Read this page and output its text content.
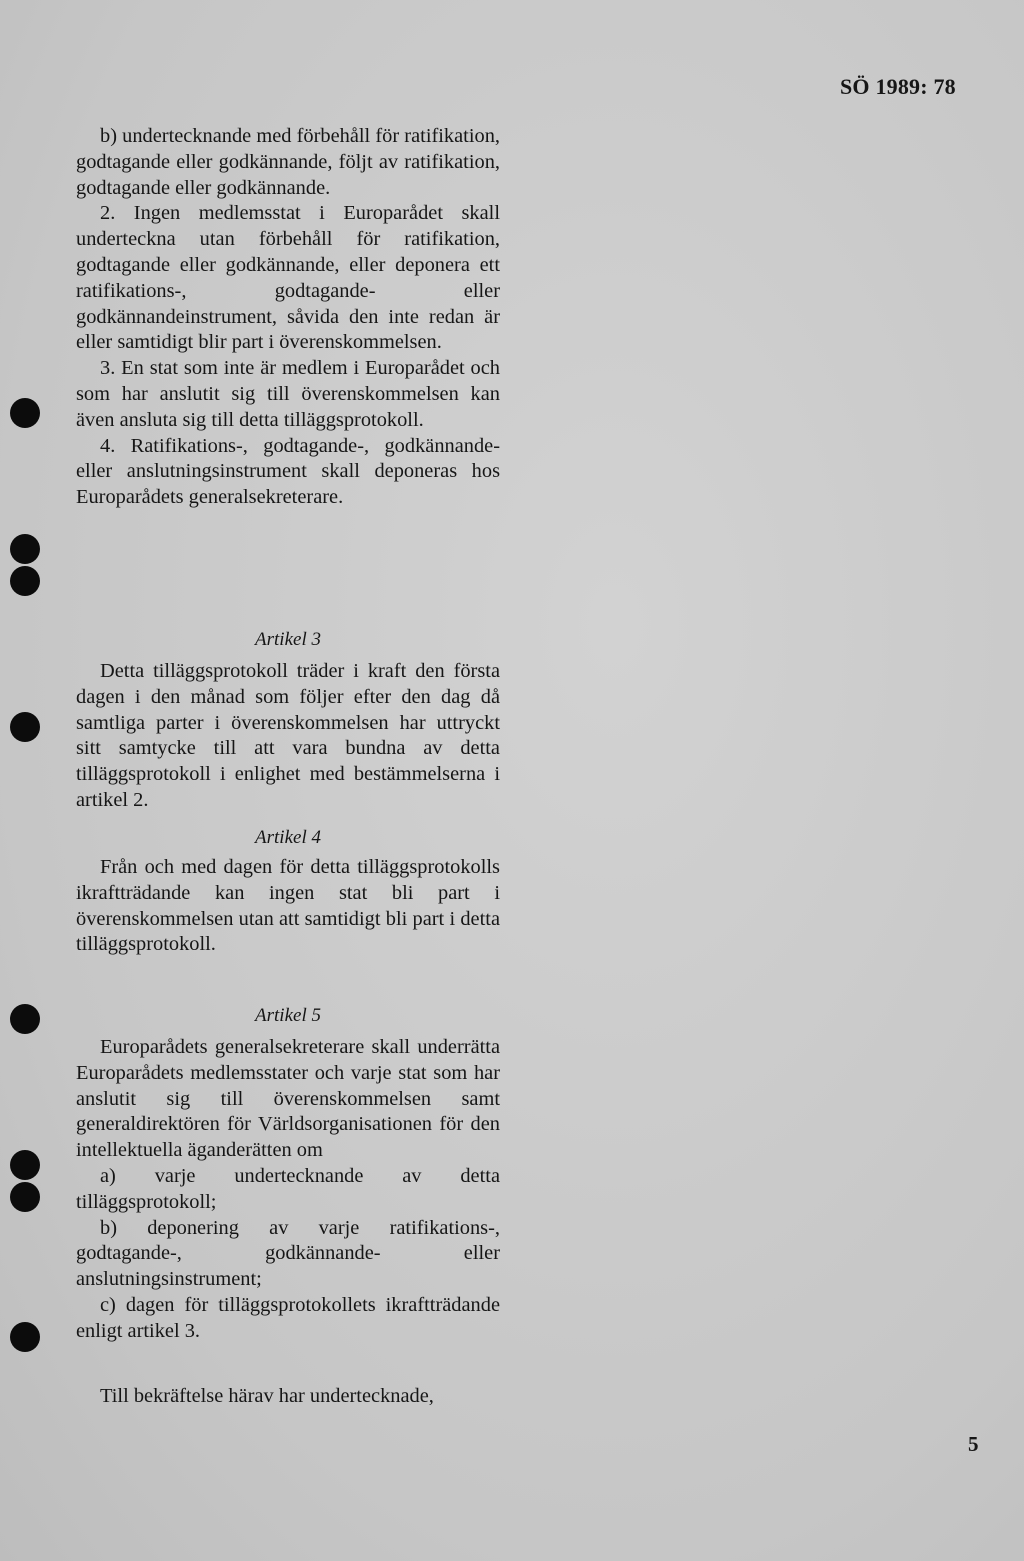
SÖ 1989: 78

b) undertecknande med förbehåll för ratifikation, godtagande eller godkännande, följt av ratifikation, godtagande eller godkännande.

2. Ingen medlemsstat i Europarådet skall underteckna utan förbehåll för ratifikation, godtagande eller godkännande, eller deponera ett ratifikations-, godtagande- eller godkännandeinstrument, såvida den inte redan är eller samtidigt blir part i överenskommelsen.

3. En stat som inte är medlem i Europarådet och som har anslutit sig till överenskommelsen kan även ansluta sig till detta tilläggsprotokoll.

4. Ratifikations-, godtagande-, godkännande- eller anslutningsinstrument skall deponeras hos Europarådets generalsekreterare.

Artikel 3

Detta tilläggsprotokoll träder i kraft den första dagen i den månad som följer efter den dag då samtliga parter i överenskommelsen har uttryckt sitt samtycke till att vara bundna av detta tilläggsprotokoll i enlighet med bestämmelserna i artikel 2.

Artikel 4

Från och med dagen för detta tilläggsprotokolls ikraftträdande kan ingen stat bli part i överenskommelsen utan att samtidigt bli part i detta tilläggsprotokoll.

Artikel 5

Europarådets generalsekreterare skall underrätta Europarådets medlemsstater och varje stat som har anslutit sig till överenskommelsen samt generaldirektören för Världsorganisationen för den intellektuella äganderätten om

a) varje undertecknande av detta tilläggsprotokoll;

b) deponering av varje ratifikations-, godtagande-, godkännande- eller anslutningsinstrument;

c) dagen för tilläggsprotokollets ikraftträdande enligt artikel 3.

Till bekräftelse härav har undertecknade,

5
